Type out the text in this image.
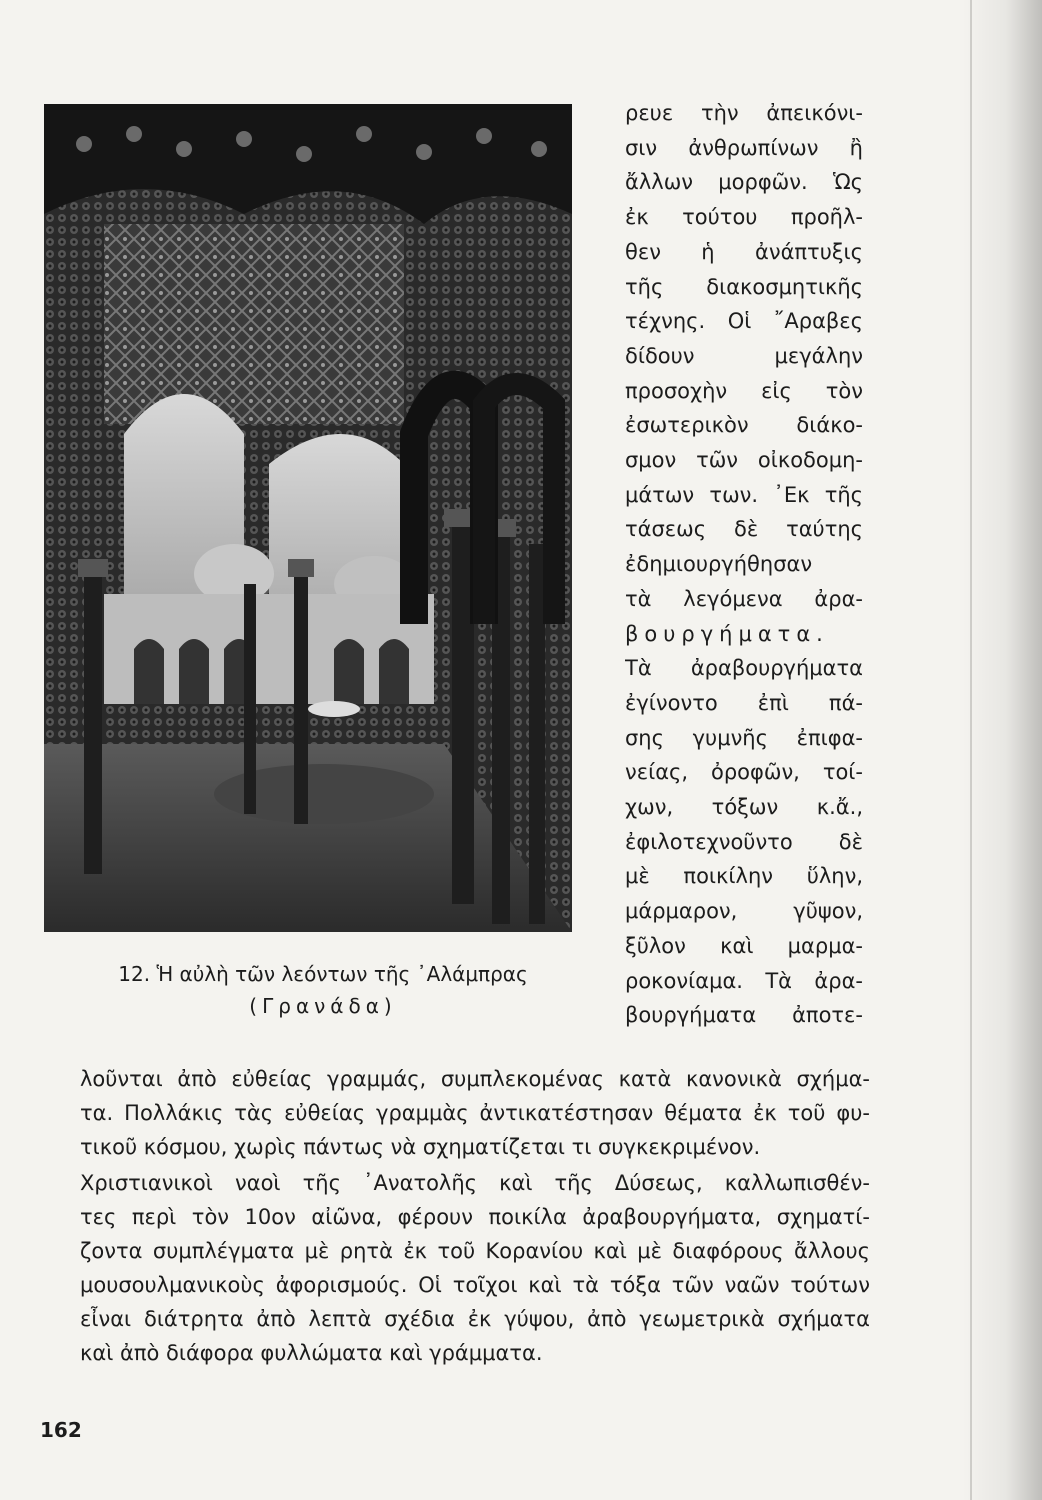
12. Ἡ αὐλὴ τῶν λεόντων τῆς ᾿Αλάμπρας
(Γρανάδα)
ρευε τὴν ἀπεικόνι-
σιν ἀνθρωπίνων ἢ
ἄλλων μορφῶν. Ὡς
ἐκ τούτου προῆλ-
θεν ἡ ἀνάπτυξις
τῆς διακοσμητικῆς
τέχνης. Οἱ ῎Αραβες
δίδουν μεγάλην
προσοχὴν εἰς τὸν
ἐσωτερικὸν διάκο-
σμον τῶν οἰκοδομη-
μάτων των. ᾿Εκ τῆς
τάσεως δὲ ταύτης
ἐδημιουργήθησαν
τὰ λεγόμενα ἀρα-
βουργήματα.
Τὰ ἀραβουργήματα
ἐγίνοντο ἐπὶ πά-
σης γυμνῆς ἐπιφα-
νείας, ὀροφῶν, τοί-
χων, τόξων κ.ἄ.,
ἐφιλοτεχνοῦντο δὲ
μὲ ποικίλην ὕλην,
μάρμαρον, γῦψον,
ξῦλον καὶ μαρμα-
ροκονίαμα. Τὰ ἀρα-
βουργήματα ἀποτε-
λοῦνται ἀπὸ εὐθείας γραμμάς, συμπλεκομένας κατὰ κανονικὰ σχήμα-
τα. Πολλάκις τὰς εὐθείας γραμμὰς ἀντικατέστησαν θέματα ἐκ τοῦ φυ-
τικοῦ κόσμου, χωρὶς πάντως νὰ σχηματίζεται τι συγκεκριμένον.
Χριστιανικοὶ ναοὶ τῆς ᾿Ανατολῆς καὶ τῆς Δύσεως, καλλωπισθέν-
τες περὶ τὸν 10ον αἰῶνα, φέρουν ποικίλα ἀραβουργήματα, σχηματί-
ζοντα συμπλέγματα μὲ ρητὰ ἐκ τοῦ Κορανίου καὶ μὲ διαφόρους ἄλλους
μουσουλμανικοὺς ἀφορισμούς. Οἱ τοῖχοι καὶ τὰ τόξα τῶν ναῶν τούτων
εἶναι διάτρητα ἀπὸ λεπτὰ σχέδια ἐκ γύψου, ἀπὸ γεωμετρικὰ σχήματα
καὶ ἀπὸ διάφορα φυλλώματα καὶ γράμματα.
162
